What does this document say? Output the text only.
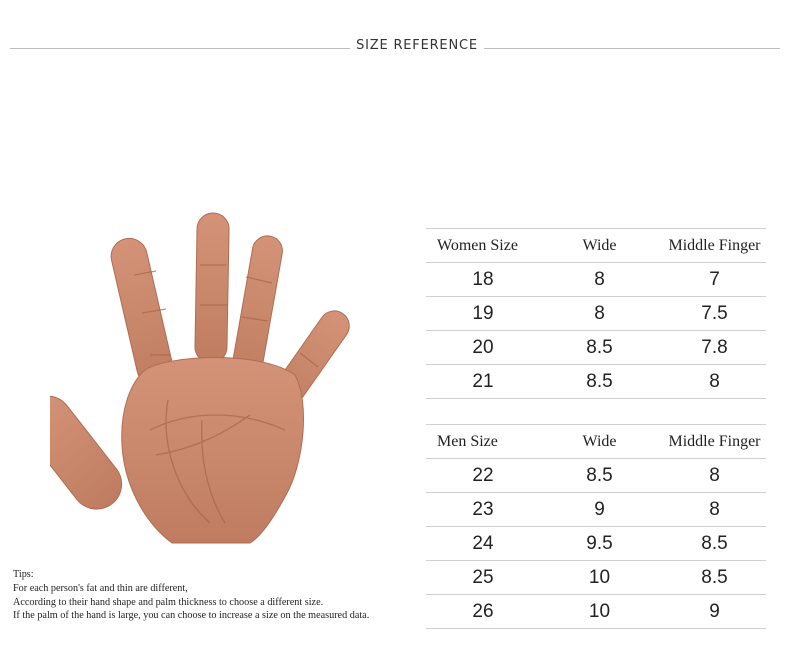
SIZE REFERENCE
Women Size	Wide	Middle Finger
18	8	7
19	8	7.5
20	8.5	7.8
21	8.5	8
Men Size	Wide	Middle Finger
22	8.5	8
23	9	8
24	9.5	8.5
25	10	8.5
26	10	9
Tips:
For each person's fat and thin are different,
According to their hand shape and palm thickness to choose a different size.
If the palm of the hand is large, you can choose to increase a size on the measured data.
